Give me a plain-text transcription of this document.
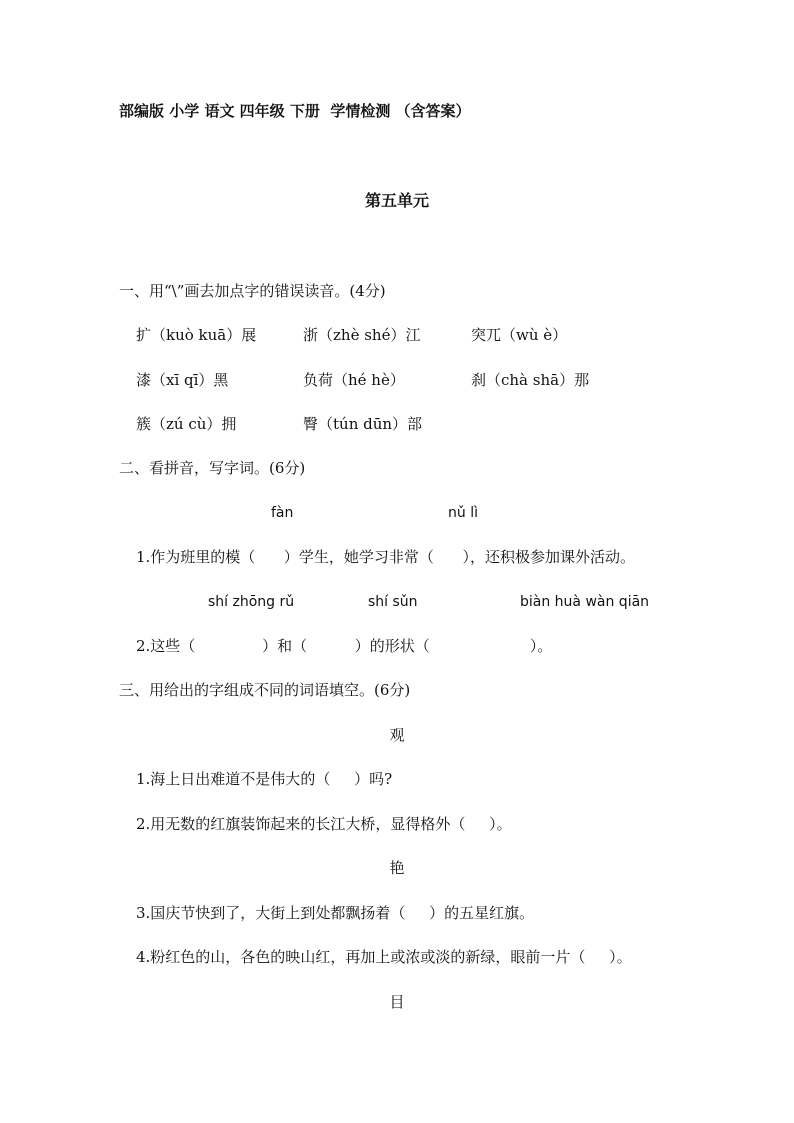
部编版 小学 语文 四年级 下册  学情检测 （含答案）
第五单元
一、用“\”画去加点字的错误读音。(4分)
扩（kuò kuā）展	浙（zhè shé）江	突兀（wù è）
漆（xī qī）黑	负荷（hé hè）	刹（chà shā）那
簇（zú cù）拥	臀（tún dūn）部
二、看拼音，写字词。(6分)
fàn	nǔ lì
1.作为班里的模（      ）学生，她学习非常（      ），还积极参加课外活动。
shí zhōng rǔ	shí sǔn	biàn huà wàn qiān
2.这些（              ）和（          ）的形状（                     ）。
三、用给出的字组成不同的词语填空。(6分)
观
1.海上日出难道不是伟大的（     ）吗?
2.用无数的红旗装饰起来的长江大桥，显得格外（     ）。
艳
3.国庆节快到了，大街上到处都飘扬着（     ）的五星红旗。
4.粉红色的山，各色的映山红，再加上或浓或淡的新绿，眼前一片（     ）。
目
